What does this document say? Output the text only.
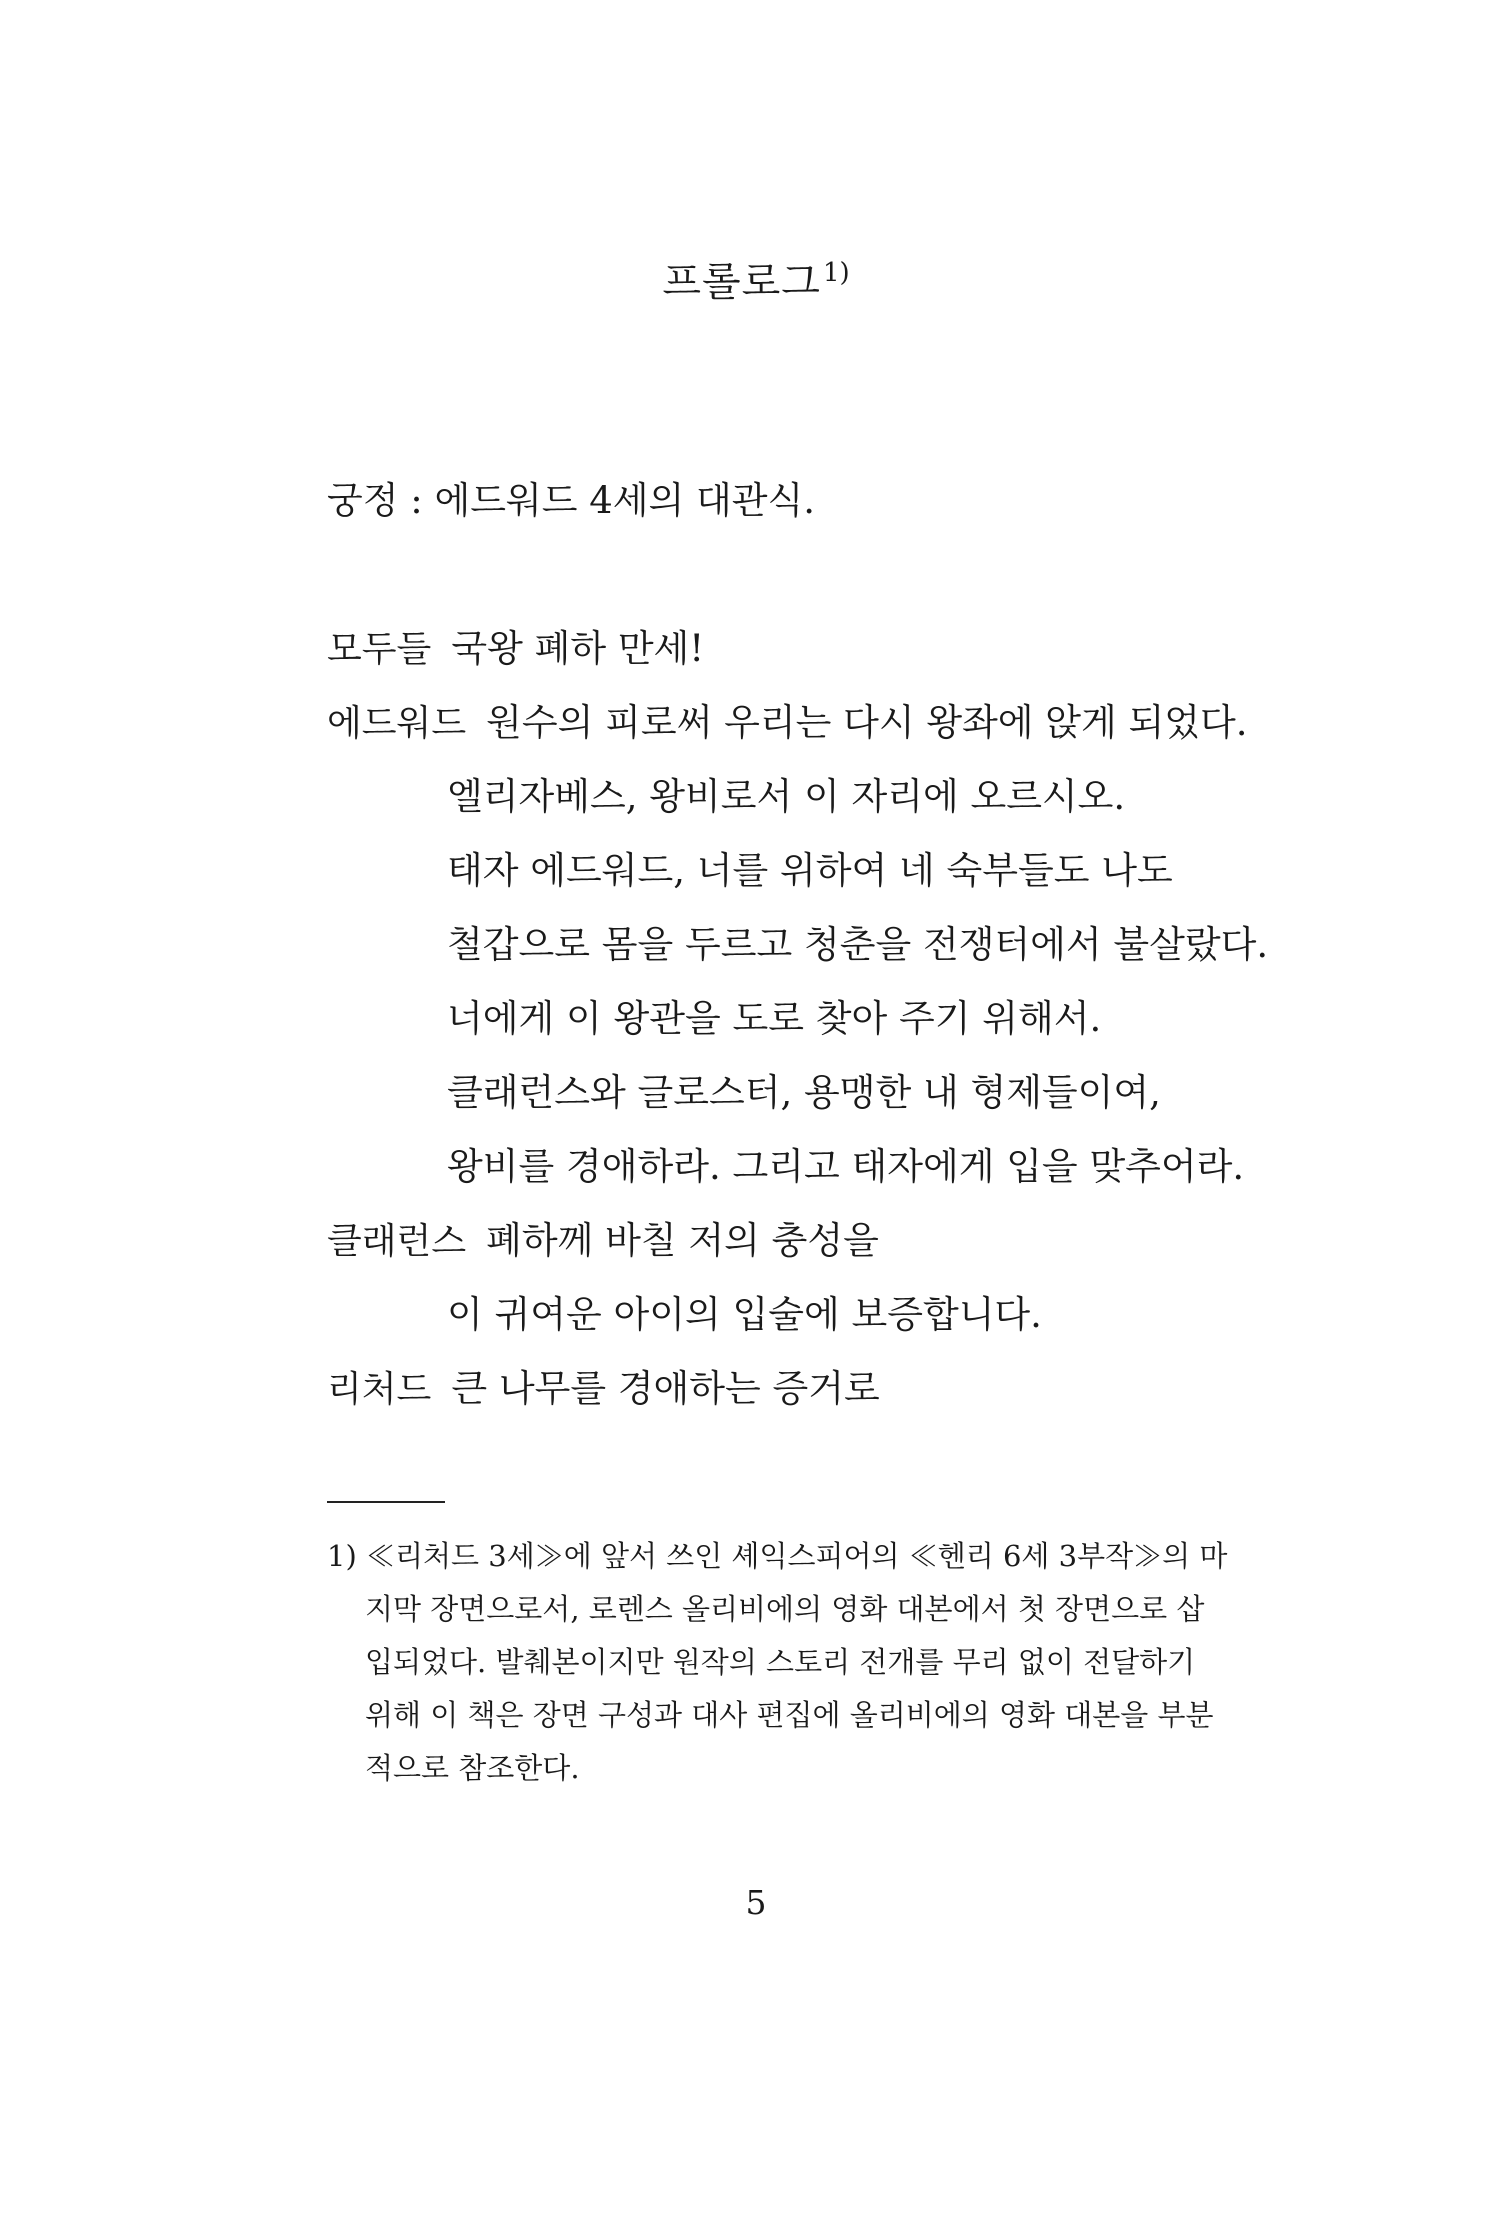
프롤로그$^{1)}$
궁정 : 에드워드 4세의 대관식.
모두들 국왕 폐하 만세!
에드워드 원수의 피로써 우리는 다시 왕좌에 앉게 되었다.
엘리자베스, 왕비로서 이 자리에 오르시오.
태자 에드워드, 너를 위하여 네 숙부들도 나도
철갑으로 몸을 두르고 청춘을 전쟁터에서 불살랐다.
너에게 이 왕관을 도로 찾아 주기 위해서.
클래런스와 글로스터, 용맹한 내 형제들이여,
왕비를 경애하라. 그리고 태자에게 입을 맞추어라.
클래런스 폐하께 바칠 저의 충성을
이 귀여운 아이의 입술에 보증합니다.
리처드 큰 나무를 경애하는 증거로
1) ≪리처드 3세≫에 앞서 쓰인 셰익스피어의 ≪헨리 6세 3부작≫의 마
지막 장면으로서, 로렌스 올리비에의 영화 대본에서 첫 장면으로 삽
입되었다. 발췌본이지만 원작의 스토리 전개를 무리 없이 전달하기
위해 이 책은 장면 구성과 대사 편집에 올리비에의 영화 대본을 부분
적으로 참조한다.
5
